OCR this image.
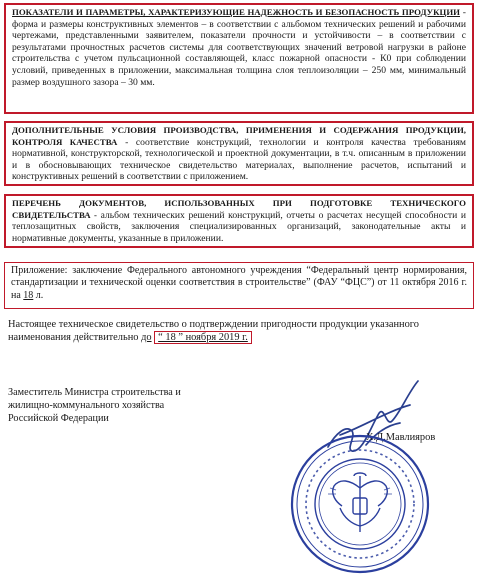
ПОКАЗАТЕЛИ И ПАРАМЕТРЫ, ХАРАКТЕРИЗУЮЩИЕ НАДЕЖНОСТЬ И БЕЗОПАСНОСТЬ ПРОДУКЦИИ - форма и размеры конструктивных элементов – в соответствии с альбомом технических решений и рабочими чертежами, представленными заявителем, показатели прочности и устойчивости – в соответствии с результатами прочностных расчетов системы для соответствующих значений ветровой нагрузки в районе строительства с учетом пульсационной составляющей, класс пожарной опасности - К0 при соблюдении условий, приведенных в приложении, максимальная толщина слоя теплоизоляции – 250 мм, минимальный размер воздушного зазора – 30 мм.
ДОПОЛНИТЕЛЬНЫЕ УСЛОВИЯ ПРОИЗВОДСТВА, ПРИМЕНЕНИЯ И СОДЕРЖАНИЯ ПРОДУКЦИИ, КОНТРОЛЯ КАЧЕСТВА - соответствие конструкций, технологии и контроля качества требованиям нормативной, конструкторской, технологической и проектной документации, в т.ч. описанным в приложении и в обосновывающих техническое свидетельство материалах, выполнение расчетов, испытаний и конструктивных решений в соответствии с приложением.
ПЕРЕЧЕНЬ ДОКУМЕНТОВ, ИСПОЛЬЗОВАННЫХ ПРИ ПОДГОТОВКЕ ТЕХНИЧЕСКОГО СВИДЕТЕЛЬСТВА - альбом технических решений конструкций, отчеты о расчетах несущей способности и теплозащитных свойств, заключения специализированных организаций, законодательные акты и нормативные документы, указанные в приложении.
Приложение: заключение Федерального автономного учреждения “Федеральный центр нормирования, стандартизации и технической оценки соответствия в строительстве” (ФАУ “ФЦС”) от 11 октября 2016 г. на 18 л.
Настоящее техническое свидетельство о подтверждении пригодности продукции указанного наименования действительно до “ 18 ” ноября 2019 г.
Заместитель Министра строительства и жилищно-коммунального хозяйства Российской Федерации
Х.Д.Мавлияров
